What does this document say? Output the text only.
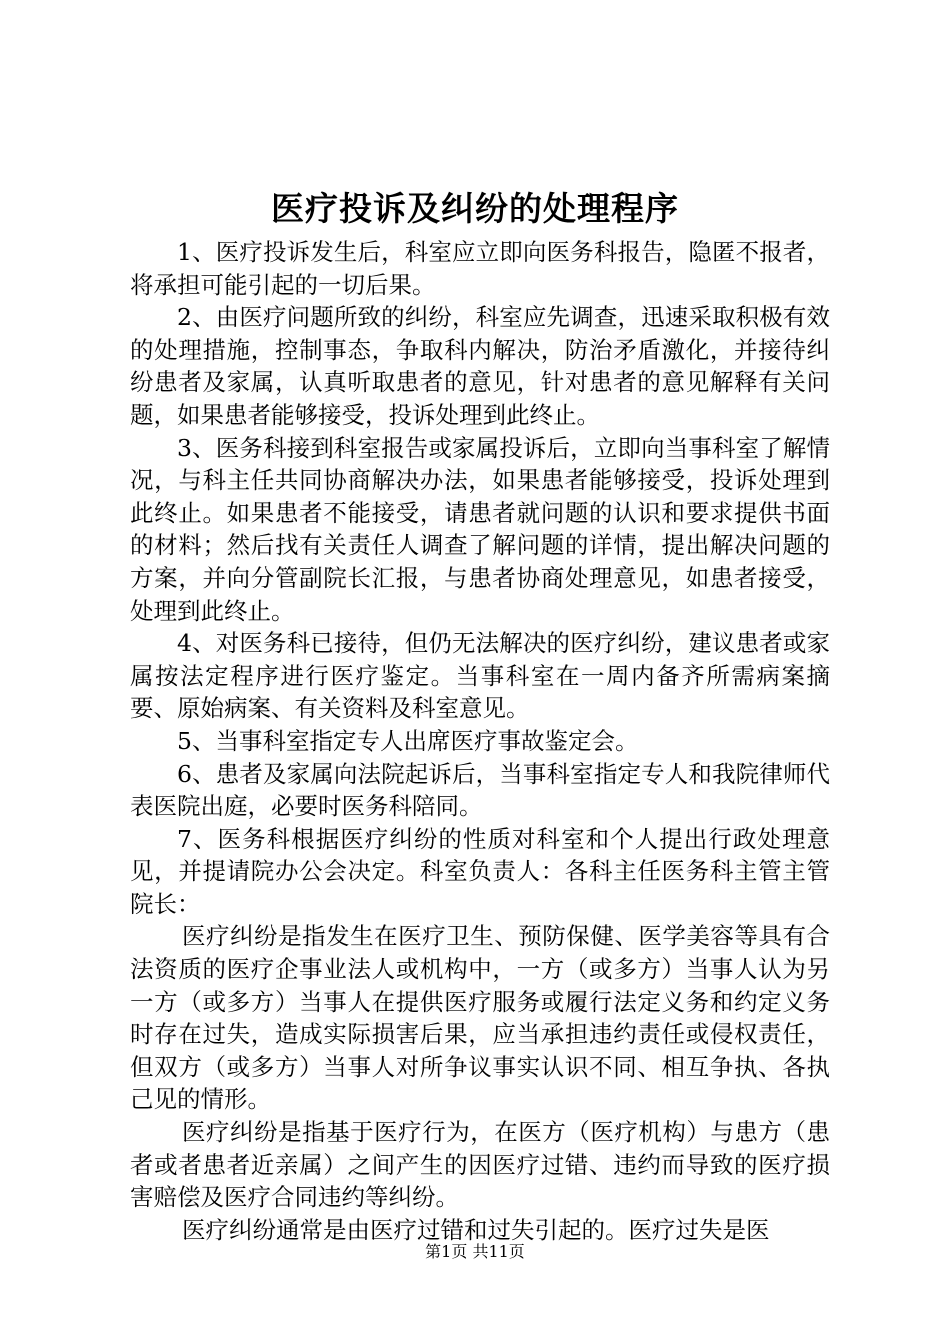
医疗投诉及纠纷的处理程序

1、医疗投诉发生后，科室应立即向医务科报告，隐匿不报者，将承担可能引起的一切后果。

2、由医疗问题所致的纠纷，科室应先调查，迅速采取积极有效的处理措施，控制事态，争取科内解决，防治矛盾激化，并接待纠纷患者及家属，认真听取患者的意见，针对患者的意见解释有关问题，如果患者能够接受，投诉处理到此终止。

3、医务科接到科室报告或家属投诉后，立即向当事科室了解情况，与科主任共同协商解决办法，如果患者能够接受，投诉处理到此终止。如果患者不能接受，请患者就问题的认识和要求提供书面的材料；然后找有关责任人调查了解问题的详情，提出解决问题的方案，并向分管副院长汇报，与患者协商处理意见，如患者接受，处理到此终止。

4、对医务科已接待，但仍无法解决的医疗纠纷，建议患者或家属按法定程序进行医疗鉴定。当事科室在一周内备齐所需病案摘要、原始病案、有关资料及科室意见。

5、当事科室指定专人出席医疗事故鉴定会。

6、患者及家属向法院起诉后，当事科室指定专人和我院律师代表医院出庭，必要时医务科陪同。

7、医务科根据医疗纠纷的性质对科室和个人提出行政处理意见，并提请院办公会决定。科室负责人：各科主任医务科主管主管院长：

医疗纠纷是指发生在医疗卫生、预防保健、医学美容等具有合法资质的医疗企事业法人或机构中，一方（或多方）当事人认为另一方（或多方）当事人在提供医疗服务或履行法定义务和约定义务时存在过失，造成实际损害后果，应当承担违约责任或侵权责任，但双方（或多方）当事人对所争议事实认识不同、相互争执、各执己见的情形。

医疗纠纷是指基于医疗行为，在医方（医疗机构）与患方（患者或者患者近亲属）之间产生的因医疗过错、违约而导致的医疗损害赔偿及医疗合同违约等纠纷。

医疗纠纷通常是由医疗过错和过失引起的。医疗过失是医

第1页 共11页
